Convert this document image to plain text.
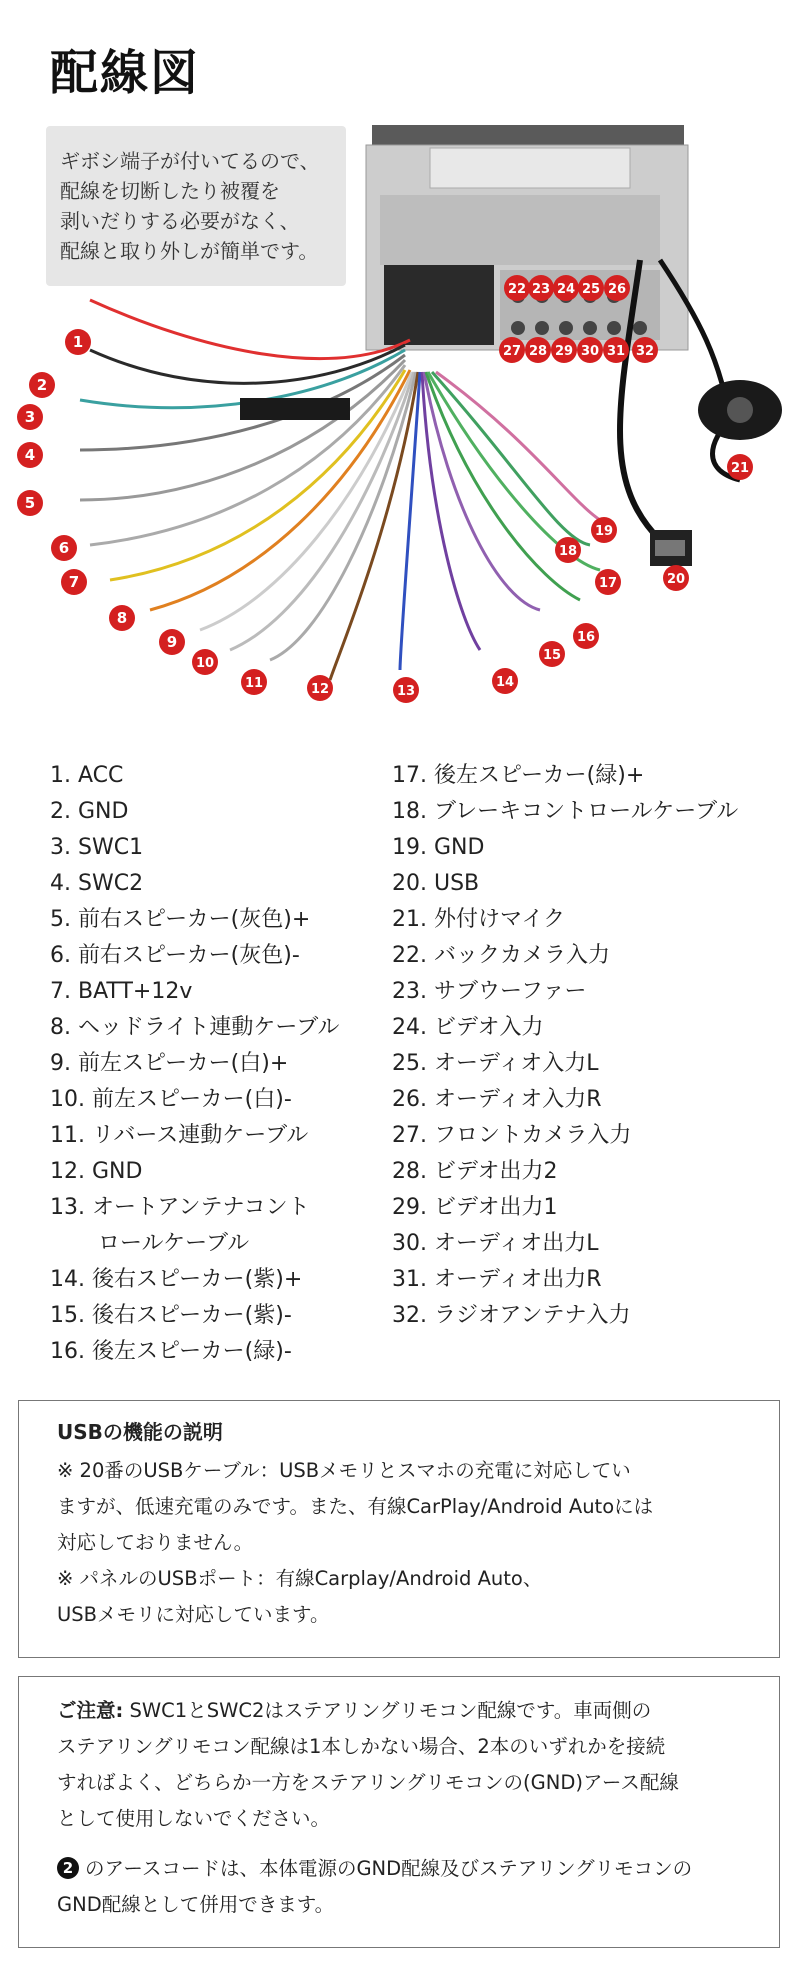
配線図

ギボシ端子が付いてるので、

配線を切断したり被覆を

剥いだりする必要がなく、

配線と取り外しが簡単です。

1
2
3
4
5
6
7
8
9
10
11	12	13
14
15
16
17
18
19
20
21
22 23 24 25 26
27 28 29 30 31 32
1. ACC
2. GND
3. SWC1
4. SWC2
5. 前右スピーカー(灰色)+
6. 前右スピーカー(灰色)-
7. BATT+12v
8. ヘッドライト連動ケーブル
9. 前左スピーカー(白)+
10. 前左スピーカー(白)-
11. リバース連動ケーブル
12. GND
13. オートアンテナコント
ロールケーブル
14. 後右スピーカー(紫)+
15. 後右スピーカー(紫)-
16. 後左スピーカー(緑)-
17. 後左スピーカー(緑)+
18. ブレーキコントロールケーブル
19. GND
20. USB
21. 外付けマイク
22. バックカメラ入力
23. サブウーファー
24. ビデオ入力
25. オーディオ入力L
26. オーディオ入力R
27. フロントカメラ入力
28. ビデオ出力2
29. ビデオ出力1
30. オーディオ出力L
31. オーディオ出力R
32. ラジオアンテナ入力
USBの機能の説明

※ 20番のUSBケーブル：USBメモリとスマホの充電に対応してい

ますが、低速充電のみです。また、有線CarPlay/Android Autoには

対応しておりません。

※ パネルのUSBポート：有線Carplay/Android Auto、

USBメモリに対応しています。

ご注意: SWC1とSWC2はステアリングリモコン配線です。車両側の

ステアリングリモコン配線は1本しかない場合、2本のいずれかを接続

すればよく、どちらか一方をステアリングリモコンの(GND)アース配線

として使用しないでください。

2 のアースコードは、本体電源のGND配線及びステアリングリモコンの

GND配線として併用できます。
